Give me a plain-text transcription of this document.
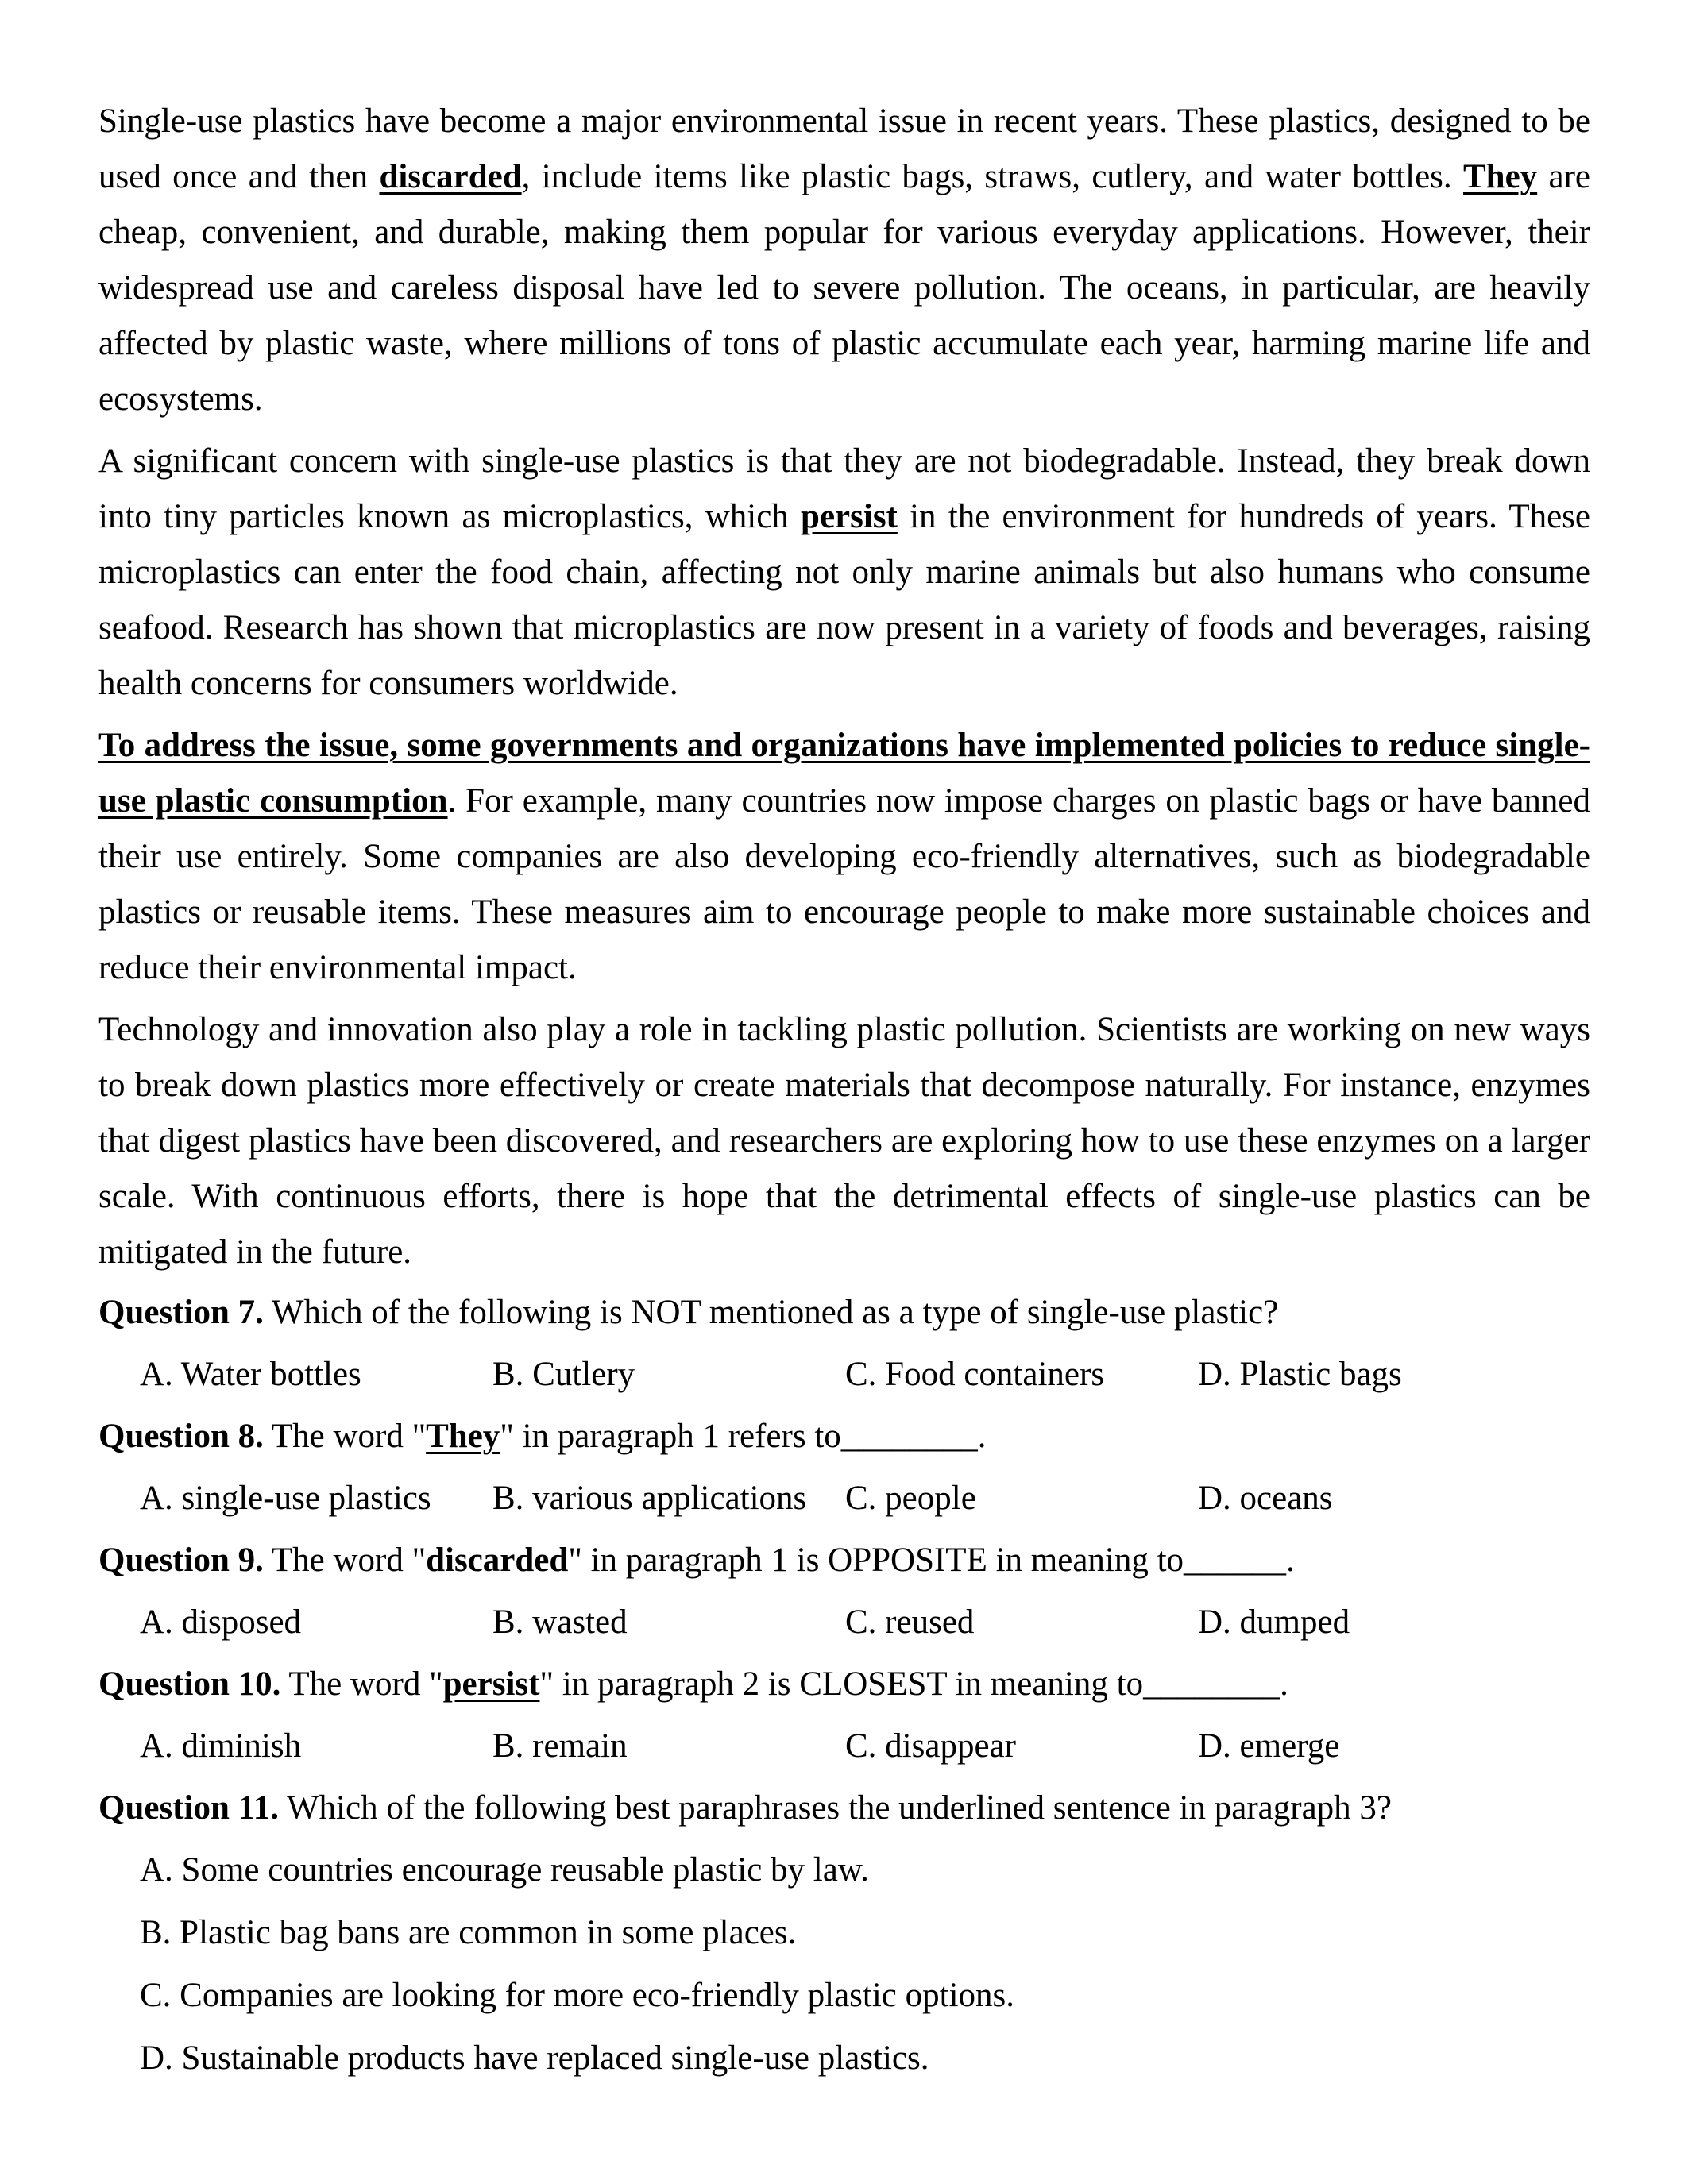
Single-use plastics have become a major environmental issue in recent years. These plastics, designed to be used once and then discarded, include items like plastic bags, straws, cutlery, and water bottles. They are cheap, convenient, and durable, making them popular for various everyday applications. However, their widespread use and careless disposal have led to severe pollution. The oceans, in particular, are heavily affected by plastic waste, where millions of tons of plastic accumulate each year, harming marine life and ecosystems.

A significant concern with single-use plastics is that they are not biodegradable. Instead, they break down into tiny particles known as microplastics, which persist in the environment for hundreds of years. These microplastics can enter the food chain, affecting not only marine animals but also humans who consume seafood. Research has shown that microplastics are now present in a variety of foods and beverages, raising health concerns for consumers worldwide.

To address the issue, some governments and organizations have implemented policies to reduce single-use plastic consumption. For example, many countries now impose charges on plastic bags or have banned their use entirely. Some companies are also developing eco-friendly alternatives, such as biodegradable plastics or reusable items. These measures aim to encourage people to make more sustainable choices and reduce their environmental impact.

Technology and innovation also play a role in tackling plastic pollution. Scientists are working on new ways to break down plastics more effectively or create materials that decompose naturally. For instance, enzymes that digest plastics have been discovered, and researchers are exploring how to use these enzymes on a larger scale. With continuous efforts, there is hope that the detrimental effects of single-use plastics can be mitigated in the future.

Question 7. Which of the following is NOT mentioned as a type of single-use plastic?
A. Water bottles	B. Cutlery	C. Food containers	D. Plastic bags
Question 8. The word "They" in paragraph 1 refers to________.
A. single-use plastics	B. various applications	C. people	D. oceans
Question 9. The word "discarded" in paragraph 1 is OPPOSITE in meaning to______.
A. disposed	B. wasted	C. reused	D. dumped
Question 10. The word "persist" in paragraph 2 is CLOSEST in meaning to________.
A. diminish	B. remain	C. disappear	D. emerge
Question 11. Which of the following best paraphrases the underlined sentence in paragraph 3?
A. Some countries encourage reusable plastic by law.
B. Plastic bag bans are common in some places.
C. Companies are looking for more eco-friendly plastic options.
D. Sustainable products have replaced single-use plastics.
